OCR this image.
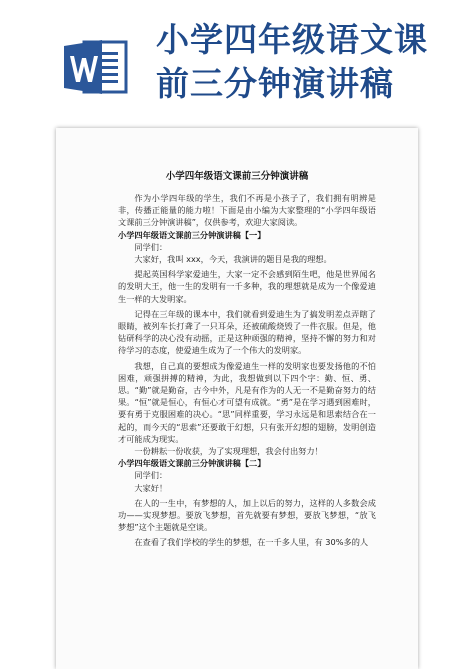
小学四年级语文课
前三分钟演讲稿
小学四年级语文课前三分钟演讲稿

作为小学四年级的学生，我们不再是小孩子了，我们拥有明辨是非，传播正能量的能力啦！下面是由小编为大家整理的“小学四年级语文课前三分钟演讲稿”，仅供参考，欢迎大家阅读。

小学四年级语文课前三分钟演讲稿【一】

同学们：

大家好，我叫 xxx，今天，我演讲的题目是我的理想。

提起英国科学家爱迪生，大家一定不会感到陌生吧，他是世界闻名的发明大王，他一生的发明有一千多种，我的理想就是成为一个像爱迪生一样的大发明家。

记得在三年级的课本中，我们就看到爱迪生为了搞发明差点弄瞎了眼睛，被列车长打聋了一只耳朵，还被硫酸烧毁了一件衣服。但是，他钻研科学的决心没有动摇，正是这种顽强的精神，坚持不懈的努力和对待学习的态度，使爱迪生成为了一个伟大的发明家。

我想，自己真的要想成为像爱迪生一样的发明家也要发扬他的不怕困难，顽强拼搏的精神，为此，我想做到以下四个字：勤、恒、勇、思。“勤”就是勤奋，古今中外，凡是有作为的人无一不是勤奋努力的结果。“恒”就是恒心，有恒心才可望有成就。“勇”是在学习遇到困难时，要有勇于克服困难的决心。“思”同样重要，学习永远是和思索结合在一起的，而今天的“思索”还要敢于幻想，只有张开幻想的翅膀，发明创造才可能成为现实。

一份耕耘一份收获，为了实现理想，我会付出努力！

小学四年级语文课前三分钟演讲稿【二】

同学们：

大家好！

在人的一生中，有梦想的人，加上以后的努力，这样的人多数会成功——实现梦想。要放飞梦想，首先就要有梦想，要放飞梦想，“放飞梦想”这个主题就是空谈。

在查看了我们学校的学生的梦想，在一千多人里，有 30%多的人
